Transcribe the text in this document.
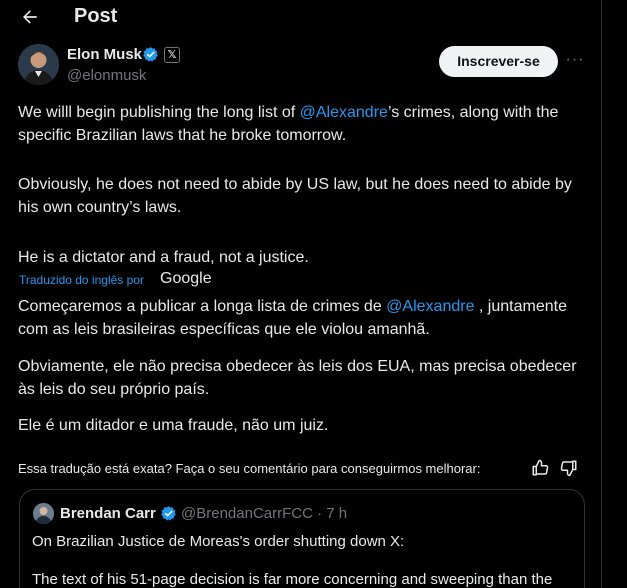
Post
Elon Musk	𝕏
@elonmusk
Inscrever-se	···
We willl begin publishing the long list of @Alexandre’s crimes, along with the specific Brazilian laws that he broke tomorrow.
Obviously, he does not need to abide by US law, but he does need to abide by his own country’s laws.
He is a dictator and a fraud, not a justice.
Traduzido do inglês por Google
Começaremos a publicar a longa lista de crimes de @Alexandre , juntamente com as leis brasileiras específicas que ele violou amanhã.
Obviamente, ele não precisa obedecer às leis dos EUA, mas precisa obedecer às leis do seu próprio país.
Ele é um ditador e uma fraude, não um juiz.
Essa tradução está exata? Faça o seu comentário para conseguirmos melhorar:
Brendan Carr @BrendanCarrFCC · 7 h
On Brazilian Justice de Moreas's order shutting down X:
The text of his 51-page decision is far more concerning and sweeping than the
